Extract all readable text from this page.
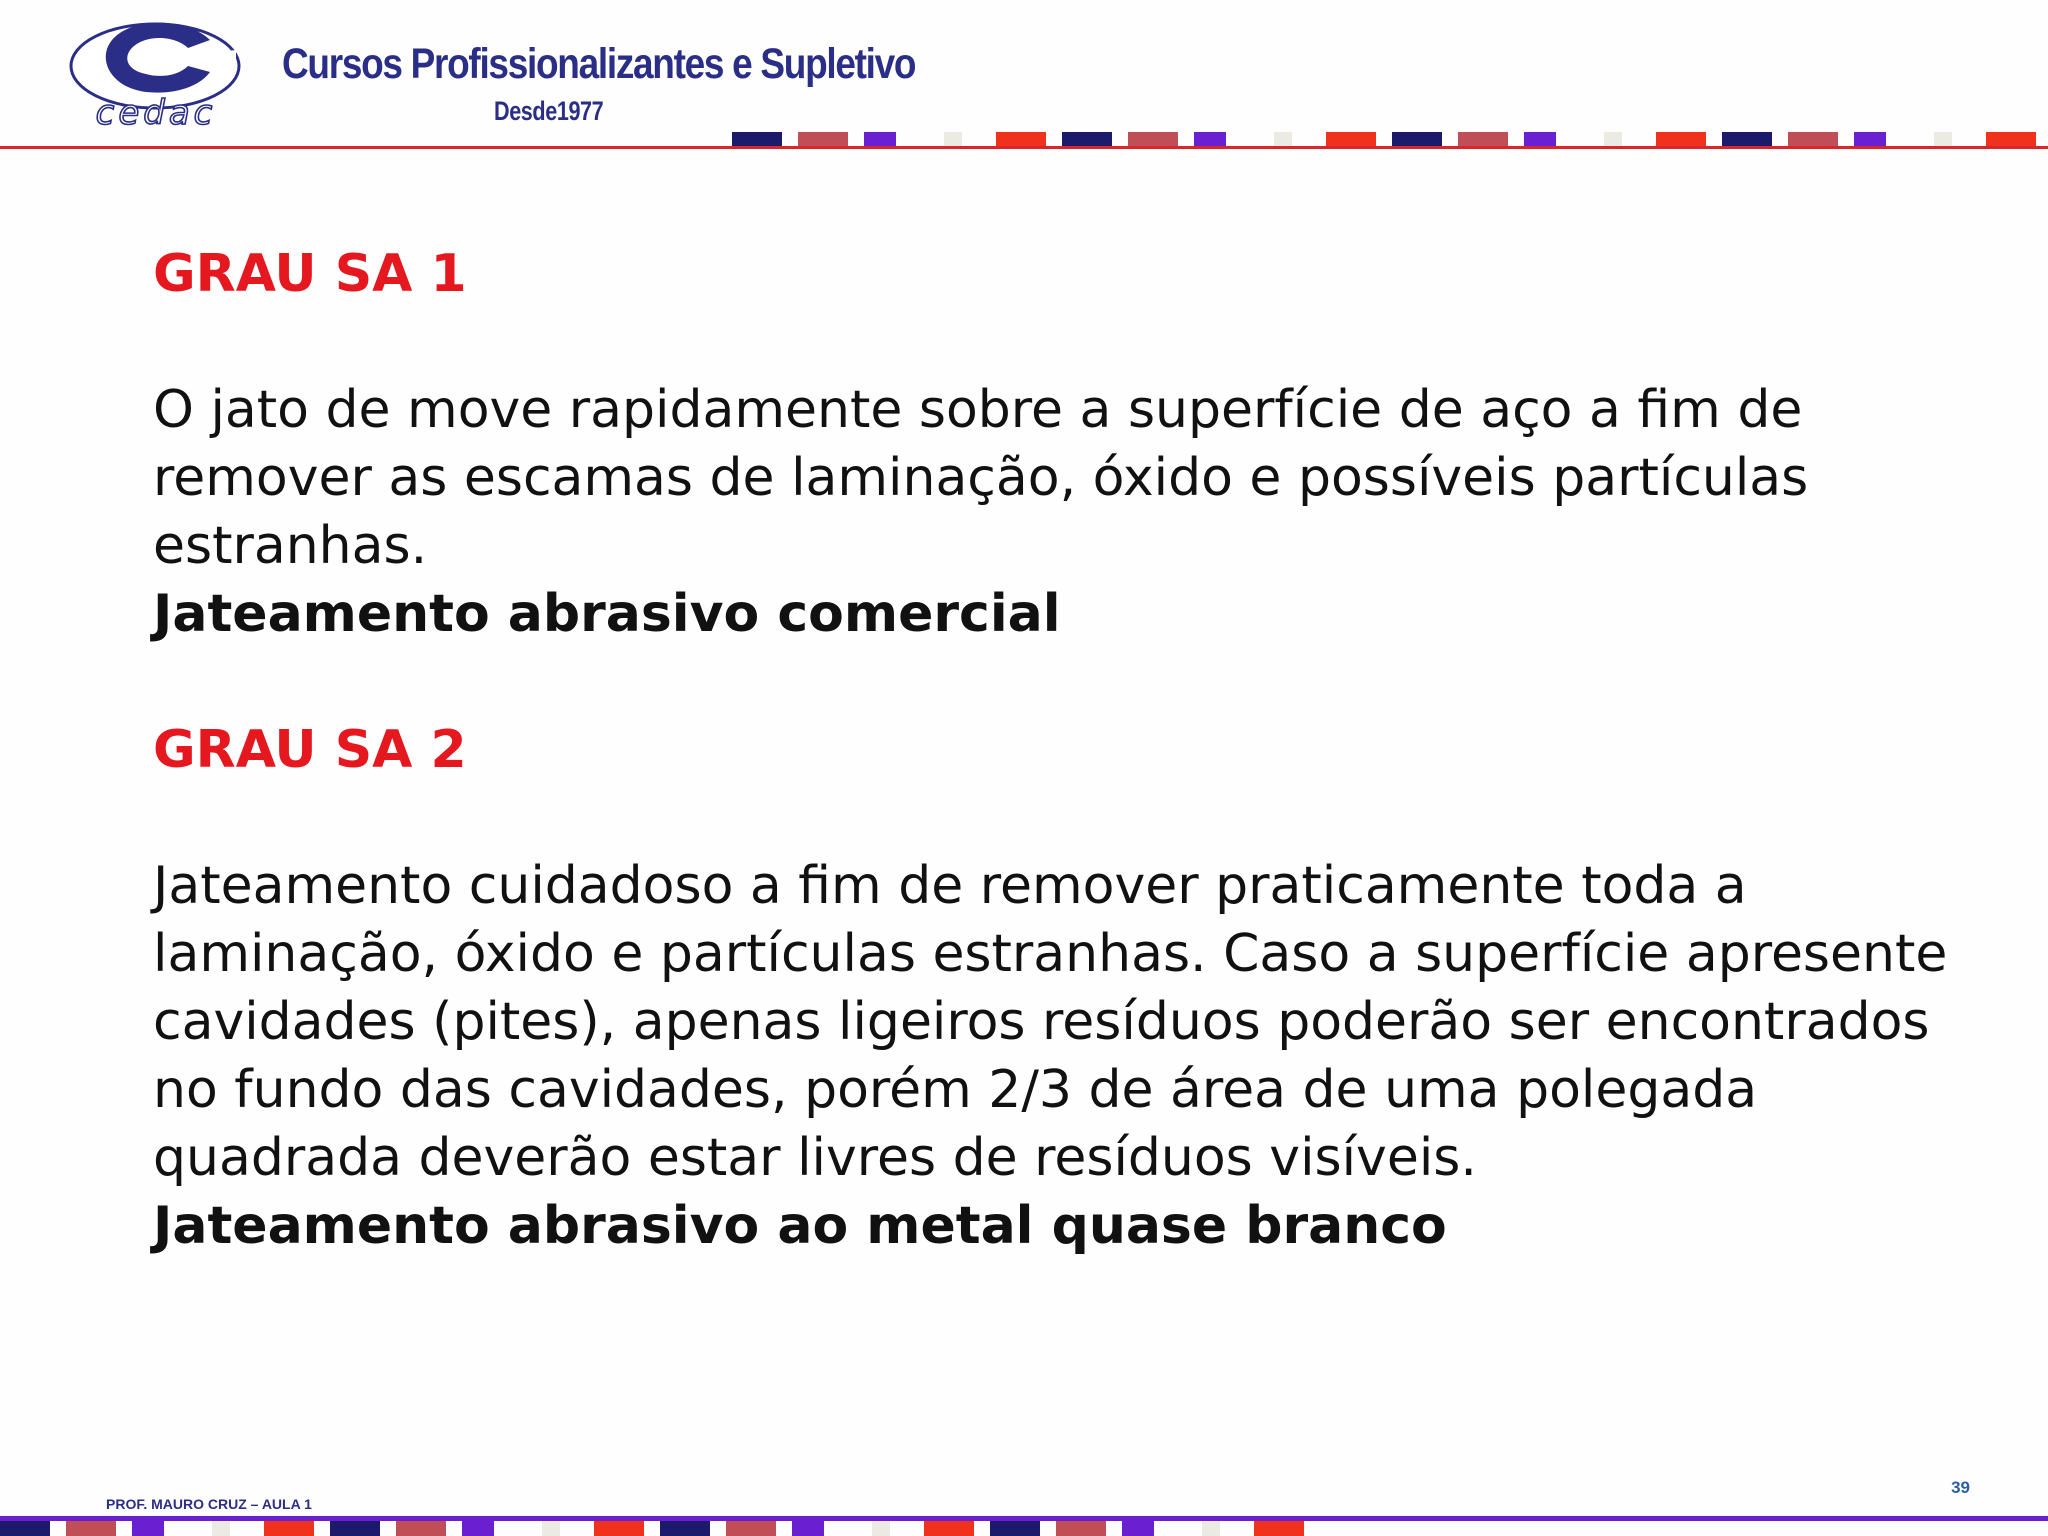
cedac
Cursos Profissionalizantes e Supletivo
Desde1977

GRAU SA 1

O jato de move rapidamente sobre a superfície de aço a fim de

remover as escamas de laminação, óxido e possíveis partículas

estranhas.

Jateamento abrasivo comercial

GRAU SA 2

Jateamento cuidadoso a fim de remover praticamente toda a

laminação, óxido e partículas estranhas. Caso a superfície apresente

cavidades (pites), apenas ligeiros resíduos poderão ser encontrados

no fundo das cavidades, porém 2/3 de área de uma polegada

quadrada deverão estar livres de resíduos visíveis.

Jateamento abrasivo ao metal quase branco

39
PROF. MAURO CRUZ – AULA 1
